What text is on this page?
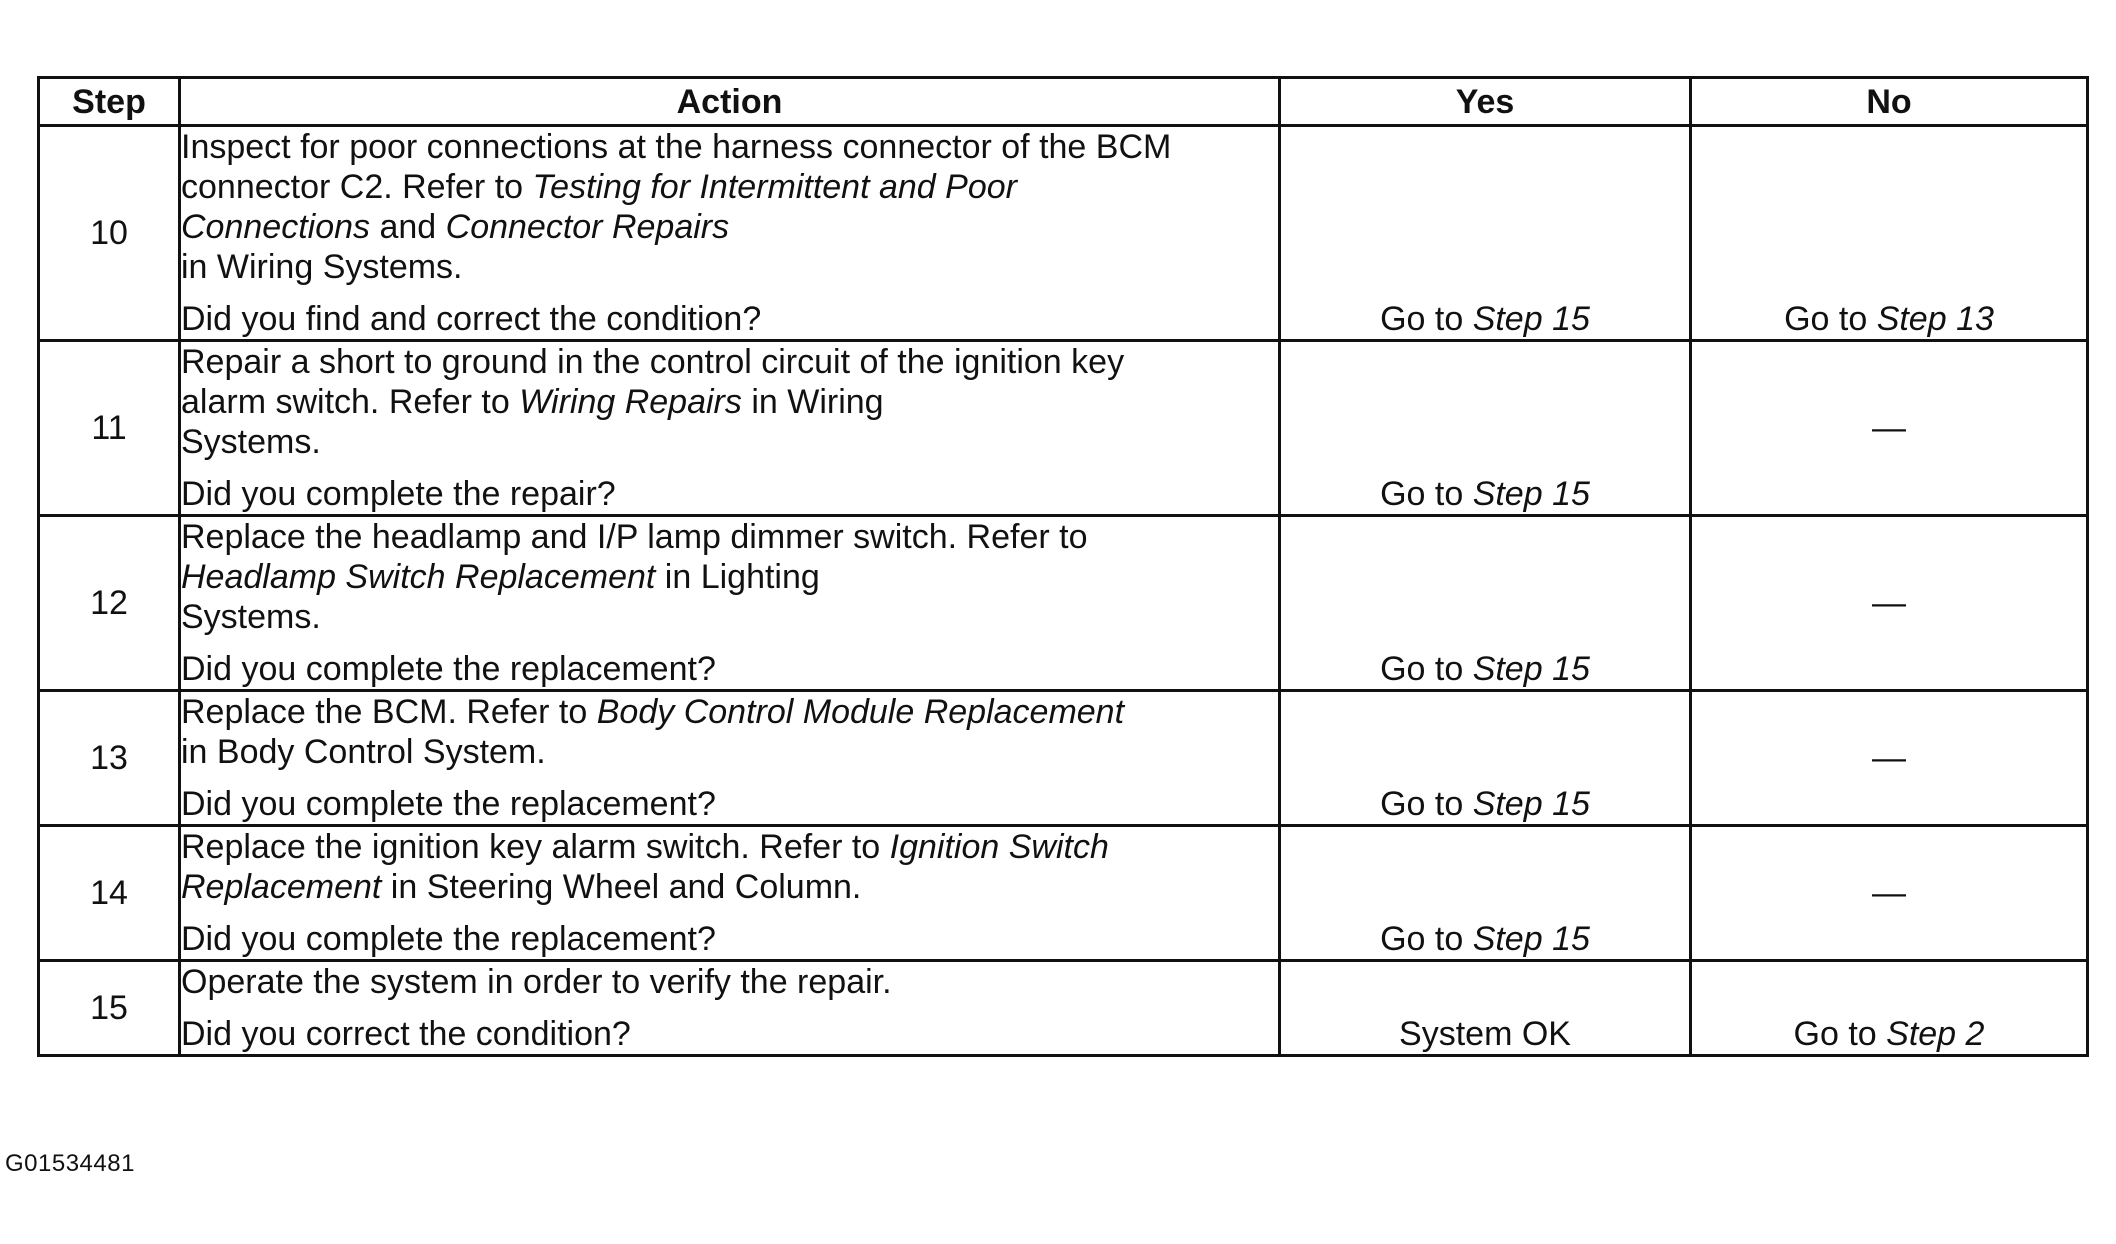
Step	Action	Yes	No
10	Inspect for poor connections at the harness connector of the BCM
connector C2. Refer to Testing for Intermittent and Poor
Connections and Connector Repairs
in Wiring Systems.
Did you find and correct the condition?	Go to Step 15	Go to Step 13
11	Repair a short to ground in the control circuit of the ignition key
alarm switch. Refer to Wiring Repairs in Wiring
Systems.
Did you complete the repair?	Go to Step 15	—
12	Replace the headlamp and I/P lamp dimmer switch. Refer to
Headlamp Switch Replacement in Lighting
Systems.
Did you complete the replacement?	Go to Step 15	—
13	Replace the BCM. Refer to Body Control Module Replacement
in Body Control System.
Did you complete the replacement?	Go to Step 15	—
14	Replace the ignition key alarm switch. Refer to Ignition Switch
Replacement in Steering Wheel and Column.
Did you complete the replacement?	Go to Step 15	—
15	Operate the system in order to verify the repair.
Did you correct the condition?	System OK	Go to Step 2
G01534481
